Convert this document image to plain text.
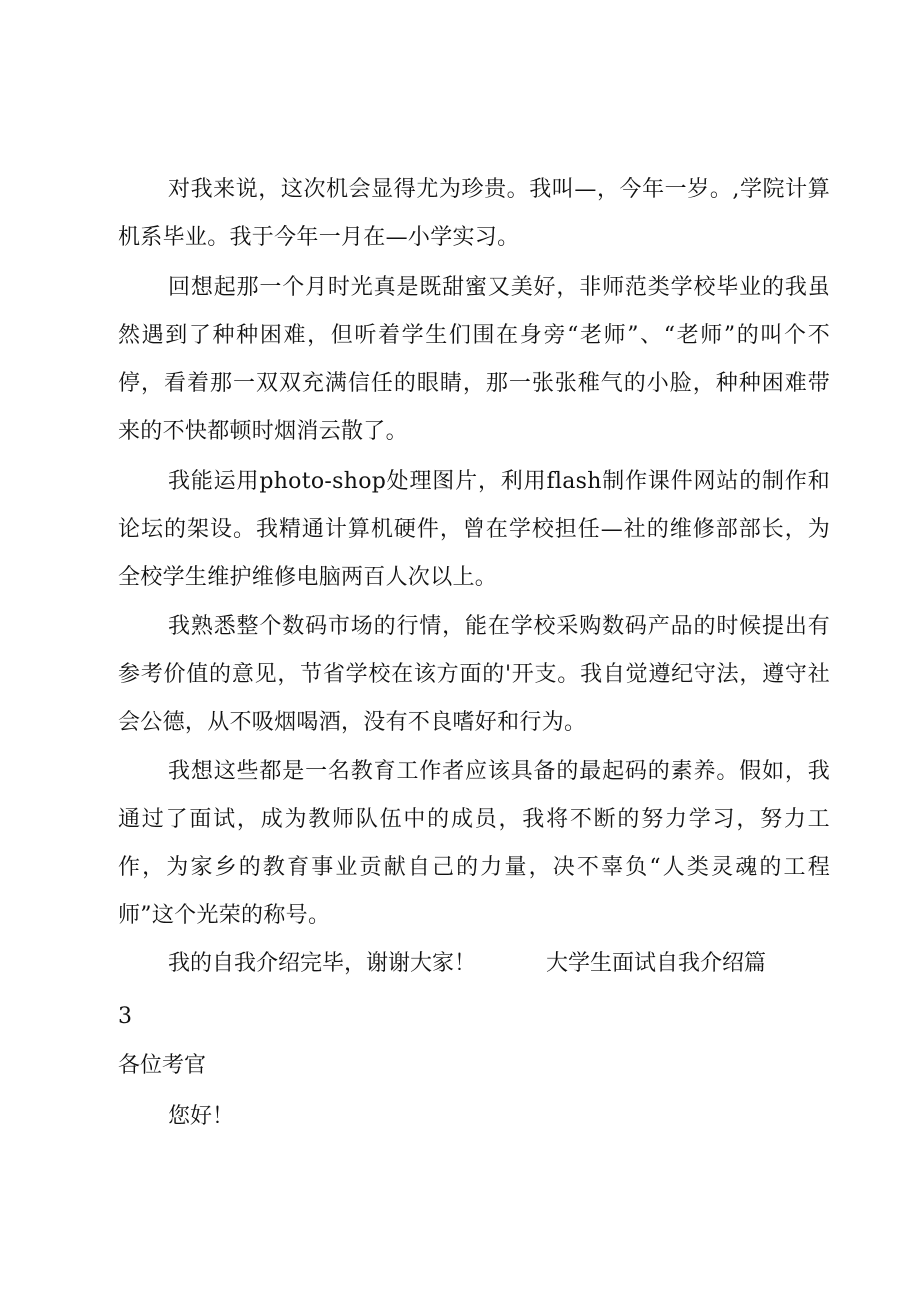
对我来说，这次机会显得尤为珍贵。我叫—，今年一岁。,学院计算机系毕业。我于今年一月在—小学实习。

回想起那一个月时光真是既甜蜜又美好，非师范类学校毕业的我虽然遇到了种种困难，但听着学生们围在身旁“老师”、“老师”的叫个不停，看着那一双双充满信任的眼睛，那一张张稚气的小脸，种种困难带来的不快都顿时烟消云散了。

我能运用photo-shop处理图片，利用flash制作课件网站的制作和论坛的架设。我精通计算机硬件，曾在学校担任—社的维修部部长，为全校学生维护维修电脑两百人次以上。

我熟悉整个数码市场的行情，能在学校采购数码产品的时候提出有参考价值的意见，节省学校在该方面的'开支。我自觉遵纪守法，遵守社会公德，从不吸烟喝酒，没有不良嗜好和行为。

我想这些都是一名教育工作者应该具备的最起码的素养。假如，我通过了面试，成为教师队伍中的成员，我将不断的努力学习，努力工作，为家乡的教育事业贡献自己的力量，决不辜负“人类灵魂的工程师”这个光荣的称号。

我的自我介绍完毕，谢谢大家！	大学生面试自我介绍篇
3
各位考官
您好！
